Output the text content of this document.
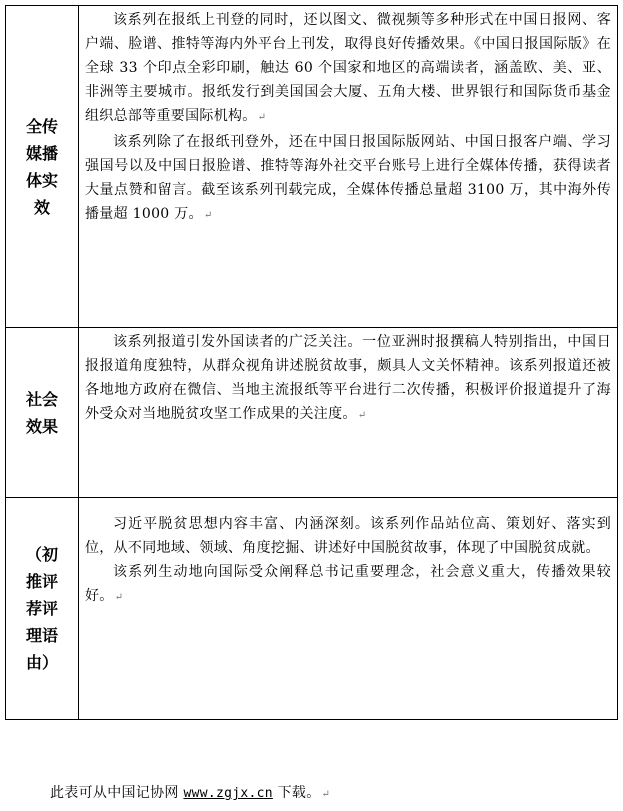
全传媒播体实效	该系列在报纸上刊登的同时，还以图文、微视频等多种形式在中国日报网、客户端、脸谱、推特等海内外平台上刊发，取得良好传播效果。《中国日报国际版》在全球 33 个印点全彩印刷，触达 60 个国家和地区的高端读者，涵盖欧、美、亚、非洲等主要城市。报纸发行到美国国会大厦、五角大楼、世界银行和国际货币基金组织总部等重要国际机构。↵

该系列除了在报纸刊登外，还在中国日报国际版网站、中国日报客户端、学习强国号以及中国日报脸谱、推特等海外社交平台账号上进行全媒体传播，获得读者大量点赞和留言。截至该系列刊载完成，全媒体传播总量超 3100 万，其中海外传播量超 1000 万。↵

社会效果	该系列报道引发外国读者的广泛关注。一位亚洲时报撰稿人特别指出，中国日报报道角度独特，从群众视角讲述脱贫故事，颇具人文关怀精神。该系列报道还被各地地方政府在微信、当地主流报纸等平台进行二次传播，积极评价报道提升了海外受众对当地脱贫攻坚工作成果的关注度。↵

（初推评荐评理语由）	习近平脱贫思想内容丰富、内涵深刻。该系列作品站位高、策划好、落实到位，从不同地域、领域、角度挖掘、讲述好中国脱贫故事，体现了中国脱贫成就。

该系列生动地向国际受众阐释总书记重要理念，社会意义重大，传播效果较好。↵

此表可从中国记协网 www.zgjx.cn 下载。↵
